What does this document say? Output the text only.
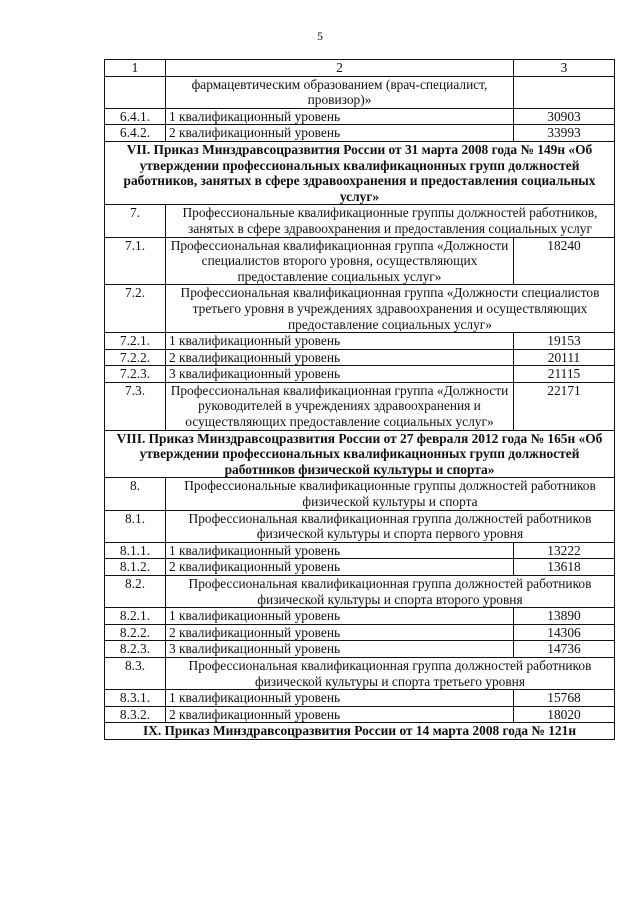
5
1	2	3
	фармацевтическим образованием (врач-специалист, провизор)»	
6.4.1.	1 квалификационный уровень	30903
6.4.2.	2 квалификационный уровень	33993
VII. Приказ Минздравсоцразвития России от 31 марта 2008 года № 149н «Об утверждении профессиональных квалификационных групп должностей работников, занятых в сфере здравоохранения и предоставления социальных услуг»		
7.	Профессиональные квалификационные группы должностей работников, занятых в сфере здравоохранения и предоставления социальных услуг	
7.1.	Профессиональная квалификационная группа «Должности специалистов второго уровня, осуществляющих предоставление социальных услуг»	18240
7.2.	Профессиональная квалификационная группа «Должности специалистов третьего уровня в учреждениях здравоохранения и осуществляющих предоставление социальных услуг»	
7.2.1.	1 квалификационный уровень	19153
7.2.2.	2 квалификационный уровень	20111
7.2.3.	3 квалификационный уровень	21115
7.3.	Профессиональная квалификационная группа «Должности руководителей в учреждениях здравоохранения и осуществляющих предоставление социальных услуг»	22171
VIII. Приказ Минздравсоцразвития России от 27 февраля 2012 года № 165н «Об утверждении профессиональных квалификационных групп должностей работников физической культуры и спорта»		
8.	Профессиональные квалификационные группы должностей работников физической культуры и спорта	
8.1.	Профессиональная квалификационная группа должностей работников физической культуры и спорта первого уровня	
8.1.1.	1 квалификационный уровень	13222
8.1.2.	2 квалификационный уровень	13618
8.2.	Профессиональная квалификационная группа должностей работников физической культуры и спорта второго уровня	
8.2.1.	1 квалификационный уровень	13890
8.2.2.	2 квалификационный уровень	14306
8.2.3.	3 квалификационный уровень	14736
8.3.	Профессиональная квалификационная группа должностей работников физической культуры и спорта третьего уровня	
8.3.1.	1 квалификационный уровень	15768
8.3.2.	2 квалификационный уровень	18020
IX. Приказ Минздравсоцразвития России от 14 марта 2008 года № 121н		
